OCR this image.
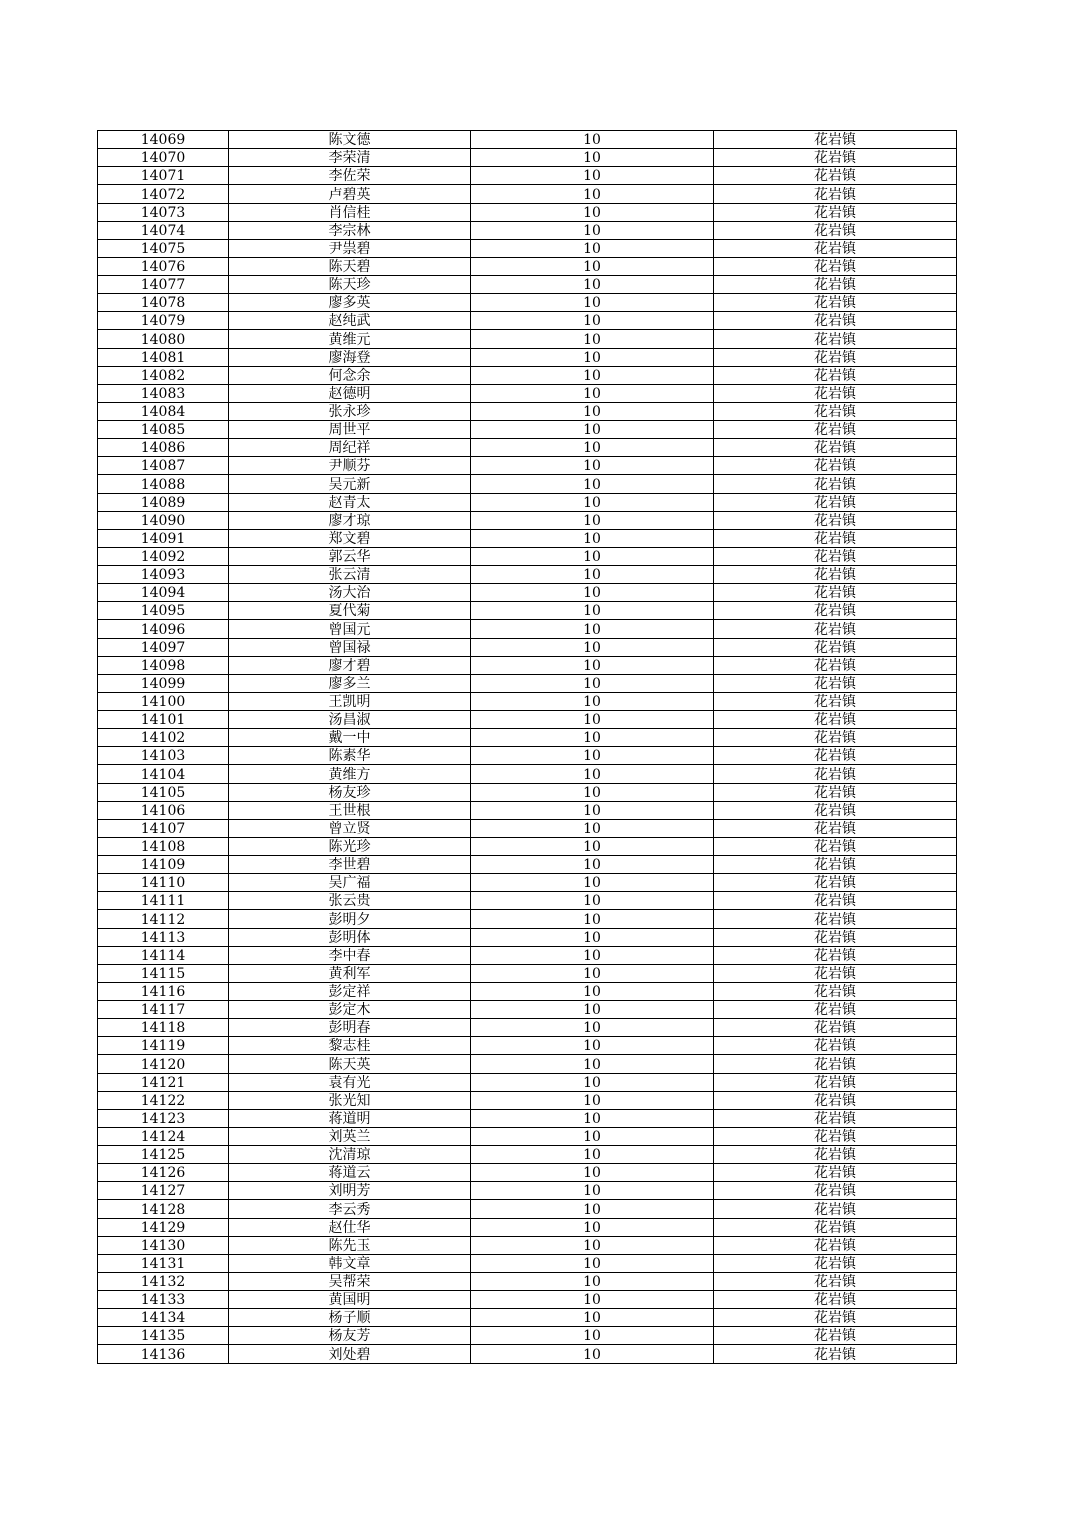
14069	陈文德	10	花岩镇
14070	李荣清	10	花岩镇
14071	李佐荣	10	花岩镇
14072	卢碧英	10	花岩镇
14073	肖信桂	10	花岩镇
14074	李宗林	10	花岩镇
14075	尹祟碧	10	花岩镇
14076	陈天碧	10	花岩镇
14077	陈天珍	10	花岩镇
14078	廖多英	10	花岩镇
14079	赵纯武	10	花岩镇
14080	黄维元	10	花岩镇
14081	廖海登	10	花岩镇
14082	何念余	10	花岩镇
14083	赵德明	10	花岩镇
14084	张永珍	10	花岩镇
14085	周世平	10	花岩镇
14086	周纪祥	10	花岩镇
14087	尹顺芬	10	花岩镇
14088	吴元新	10	花岩镇
14089	赵青太	10	花岩镇
14090	廖才琼	10	花岩镇
14091	郑文碧	10	花岩镇
14092	郭云华	10	花岩镇
14093	张云清	10	花岩镇
14094	汤大治	10	花岩镇
14095	夏代菊	10	花岩镇
14096	曾国元	10	花岩镇
14097	曾国禄	10	花岩镇
14098	廖才碧	10	花岩镇
14099	廖多兰	10	花岩镇
14100	王凯明	10	花岩镇
14101	汤昌淑	10	花岩镇
14102	戴一中	10	花岩镇
14103	陈素华	10	花岩镇
14104	黄维方	10	花岩镇
14105	杨友珍	10	花岩镇
14106	王世根	10	花岩镇
14107	曾立贤	10	花岩镇
14108	陈光珍	10	花岩镇
14109	李世碧	10	花岩镇
14110	吴广福	10	花岩镇
14111	张云贵	10	花岩镇
14112	彭明夕	10	花岩镇
14113	彭明体	10	花岩镇
14114	李中春	10	花岩镇
14115	黄利军	10	花岩镇
14116	彭定祥	10	花岩镇
14117	彭定木	10	花岩镇
14118	彭明春	10	花岩镇
14119	黎志桂	10	花岩镇
14120	陈天英	10	花岩镇
14121	袁有光	10	花岩镇
14122	张光知	10	花岩镇
14123	蒋道明	10	花岩镇
14124	刘英兰	10	花岩镇
14125	沈清琼	10	花岩镇
14126	蒋道云	10	花岩镇
14127	刘明芳	10	花岩镇
14128	李云秀	10	花岩镇
14129	赵仕华	10	花岩镇
14130	陈先玉	10	花岩镇
14131	韩文章	10	花岩镇
14132	吴帮荣	10	花岩镇
14133	黄国明	10	花岩镇
14134	杨子顺	10	花岩镇
14135	杨友芳	10	花岩镇
14136	刘处碧	10	花岩镇
